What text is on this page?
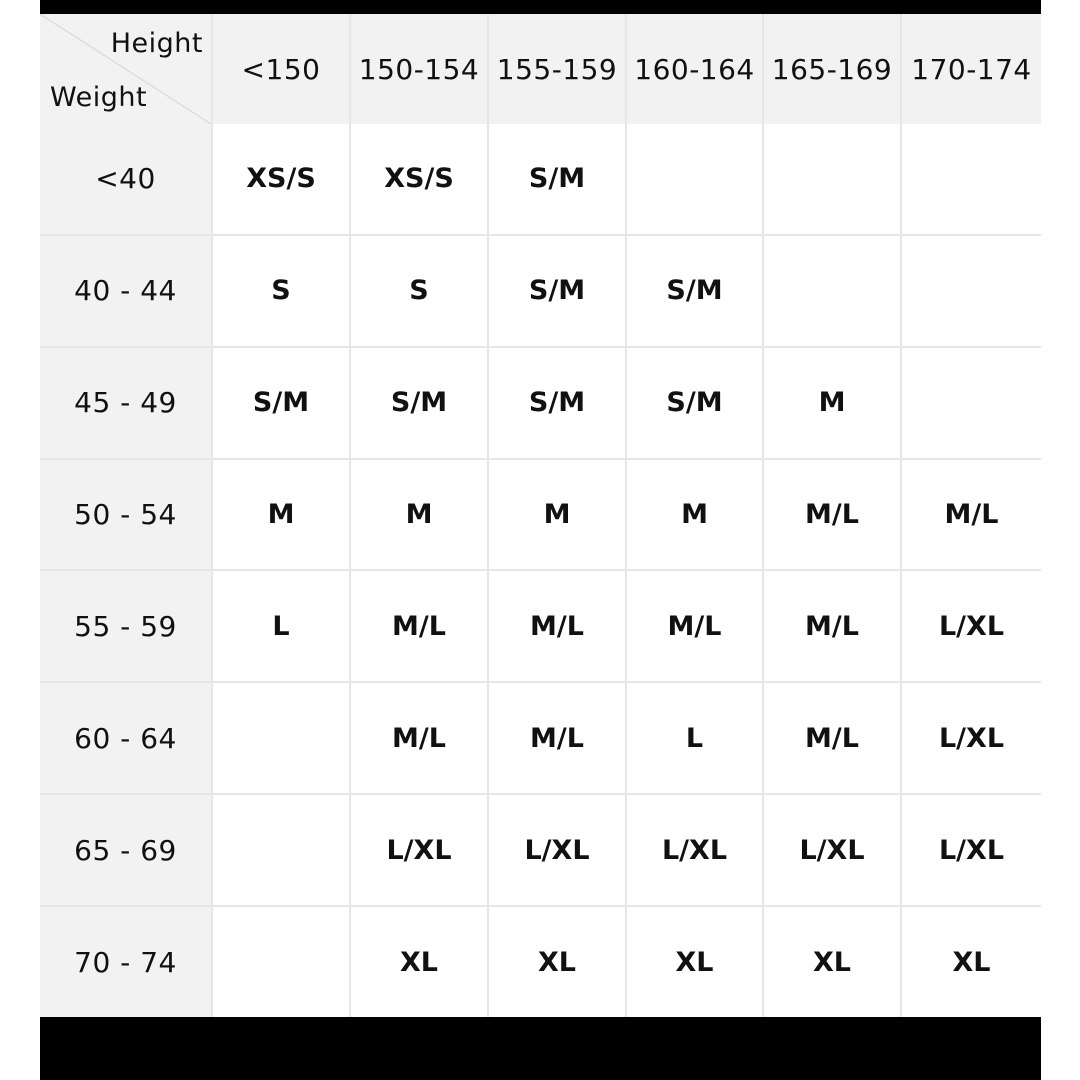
Height
Weight	<150	150-154	155-159	160-164	165-169	170-174
<40	XS/S	XS/S	S/M			
40 - 44	S	S	S/M	S/M		
45 - 49	S/M	S/M	S/M	S/M	M	
50 - 54	M	M	M	M	M/L	M/L
55 - 59	L	M/L	M/L	M/L	M/L	L/XL
60 - 64		M/L	M/L	L	M/L	L/XL
65 - 69		L/XL	L/XL	L/XL	L/XL	L/XL
70 - 74		XL	XL	XL	XL	XL
